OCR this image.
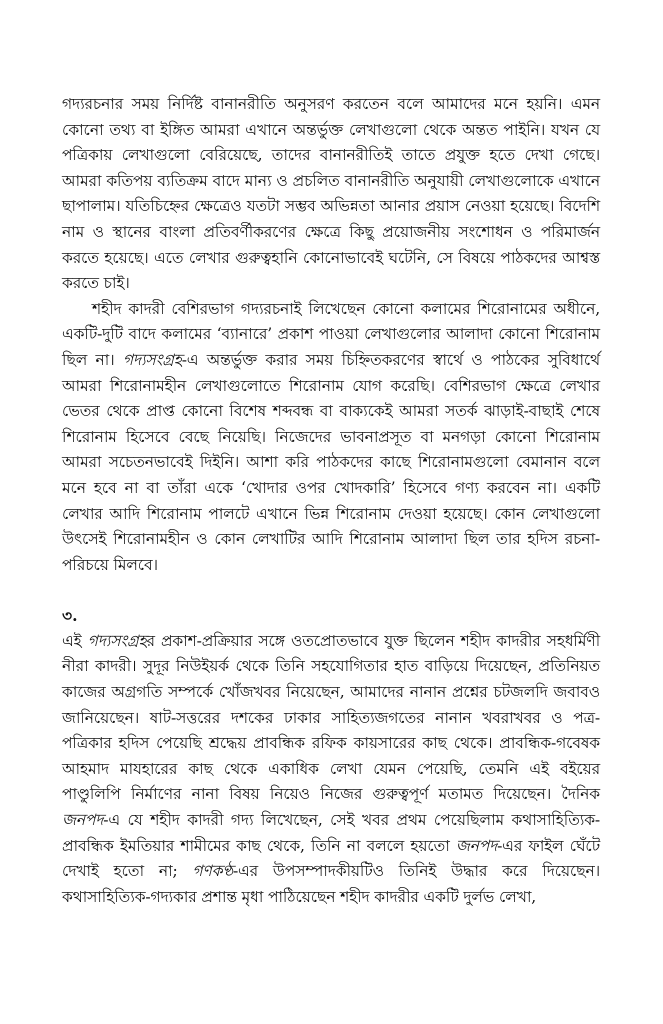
গদ্যরচনার সময় নির্দিষ্ট বানানরীতি অনুসরণ করতেন বলে আমাদের মনে হয়নি। এমন কোনো তথ্য বা ইঙ্গিত আমরা এখানে অন্তর্ভুক্ত লেখাগুলো থেকে অন্তত পাইনি। যখন যে পত্রিকায় লেখাগুলো বেরিয়েছে, তাদের বানানরীতিই তাতে প্রযুক্ত হতে দেখা গেছে। আমরা কতিপয় ব্যতিক্রম বাদে মান্য ও প্রচলিত বানানরীতি অনুযায়ী লেখাগুলোকে এখানে ছাপালাম। যতিচিহ্নের ক্ষেত্রেও যতটা সম্ভব অভিন্নতা আনার প্রয়াস নেওয়া হয়েছে। বিদেশি নাম ও স্থানের বাংলা প্রতিবর্ণীকরণের ক্ষেত্রে কিছু প্রয়োজনীয় সংশোধন ও পরিমার্জন করতে হয়েছে। এতে লেখার গুরুত্বহানি কোনোভাবেই ঘটেনি, সে বিষয়ে পাঠকদের আশ্বস্ত করতে চাই।

শহীদ কাদরী বেশিরভাগ গদ্যরচনাই লিখেছেন কোনো কলামের শিরোনামের অধীনে, একটি-দুটি বাদে কলামের ‘ব্যানারে’ প্রকাশ পাওয়া লেখাগুলোর আলাদা কোনো শিরোনাম ছিল না। গদ্যসংগ্রহ-এ অন্তর্ভুক্ত করার সময় চিহ্নিতকরণের স্বার্থে ও পাঠকের সুবিধার্থে আমরা শিরোনামহীন লেখাগুলোতে শিরোনাম যোগ করেছি। বেশিরভাগ ক্ষেত্রে লেখার ভেতর থেকে প্রাপ্ত কোনো বিশেষ শব্দবন্ধ বা বাক্যকেই আমরা সতর্ক ঝাড়াই-বাছাই শেষে শিরোনাম হিসেবে বেছে নিয়েছি। নিজেদের ভাবনাপ্রসূত বা মনগড়া কোনো শিরোনাম আমরা সচেতনভাবেই দিইনি। আশা করি পাঠকদের কাছে শিরোনামগুলো বেমানান বলে মনে হবে না বা তাঁরা একে ‘খোদার ওপর খোদকারি’ হিসেবে গণ্য করবেন না। একটি লেখার আদি শিরোনাম পালটে এখানে ভিন্ন শিরোনাম দেওয়া হয়েছে। কোন লেখাগুলো উৎসেই শিরোনামহীন ও কোন লেখাটির আদি শিরোনাম আলাদা ছিল তার হদিস রচনা-পরিচয়ে মিলবে।

৩.

এই গদ্যসংগ্রহর প্রকাশ-প্রক্রিয়ার সঙ্গে ওতপ্রোতভাবে যুক্ত ছিলেন শহীদ কাদরীর সহধর্মিণী নীরা কাদরী। সুদূর নিউইয়র্ক থেকে তিনি সহযোগিতার হাত বাড়িয়ে দিয়েছেন, প্রতিনিয়ত কাজের অগ্রগতি সম্পর্কে খোঁজখবর নিয়েছেন, আমাদের নানান প্রশ্নের চটজলদি জবাবও জানিয়েছেন। ষাট-সত্তরের দশকের ঢাকার সাহিত্যজগতের নানান খবরাখবর ও পত্র-পত্রিকার হদিস পেয়েছি শ্রদ্ধেয় প্রাবন্ধিক রফিক কায়সারের কাছ থেকে। প্রাবন্ধিক-গবেষক আহমাদ মাযহারের কাছ থেকে একাধিক লেখা যেমন পেয়েছি, তেমনি এই বইয়ের পাণ্ডুলিপি নির্মাণের নানা বিষয় নিয়েও নিজের গুরুত্বপূর্ণ মতামত দিয়েছেন। দৈনিক জনপদ-এ যে শহীদ কাদরী গদ্য লিখেছেন, সেই খবর প্রথম পেয়েছিলাম কথাসাহিত্যিক-প্রাবন্ধিক ইমতিয়ার শামীমের কাছ থেকে, তিনি না বললে হয়তো জনপদ-এর ফাইল ঘেঁটে দেখাই হতো না; গণকণ্ঠ-এর উপসম্পাদকীয়টিও তিনিই উদ্ধার করে দিয়েছেন। কথাসাহিত্যিক-গদ্যকার প্রশান্ত মৃধা পাঠিয়েছেন শহীদ কাদরীর একটি দুর্লভ লেখা,
